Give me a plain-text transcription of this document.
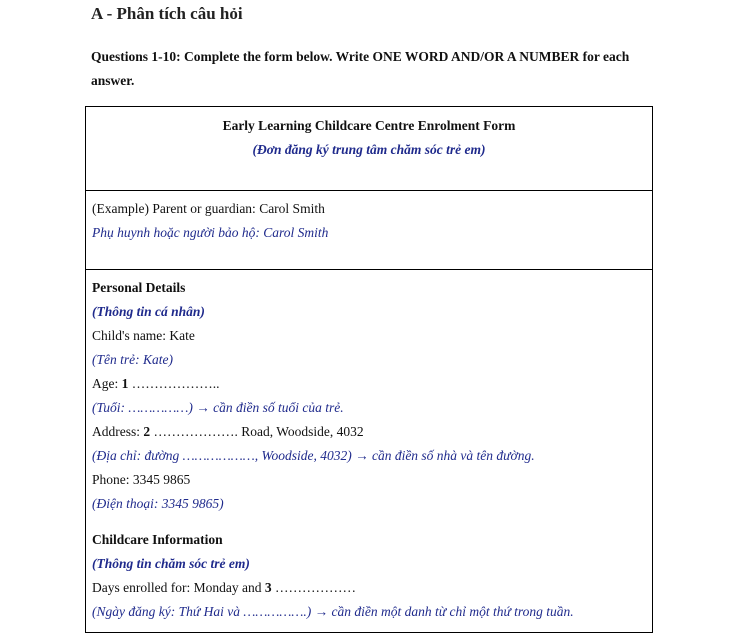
A - Phân tích câu hỏi
Questions 1-10: Complete the form below. Write ONE WORD AND/OR A NUMBER for each answer.
Early Learning Childcare Centre Enrolment Form
(Đơn đăng ký trung tâm chăm sóc trẻ em)

(Example) Parent or guardian: Carol Smith
Phụ huynh hoặc người bảo hộ: Carol Smith

Personal Details
(Thông tin cá nhân)
Child's name: Kate
(Tên trẻ: Kate)
Age: 1 ………………..
(Tuổi: ……………) → cần điền số tuổi của trẻ.
Address: 2 ………………. Road, Woodside, 4032
(Địa chỉ: đường ………………, Woodside, 4032) → cần điền số nhà và tên đường.
Phone: 3345 9865
(Điện thoại: 3345 9865)
Childcare Information
(Thông tin chăm sóc trẻ em)
Days enrolled for: Monday and 3 ………………
(Ngày đăng ký: Thứ Hai và …………….) → cần điền một danh từ chỉ một thứ trong tuần.
